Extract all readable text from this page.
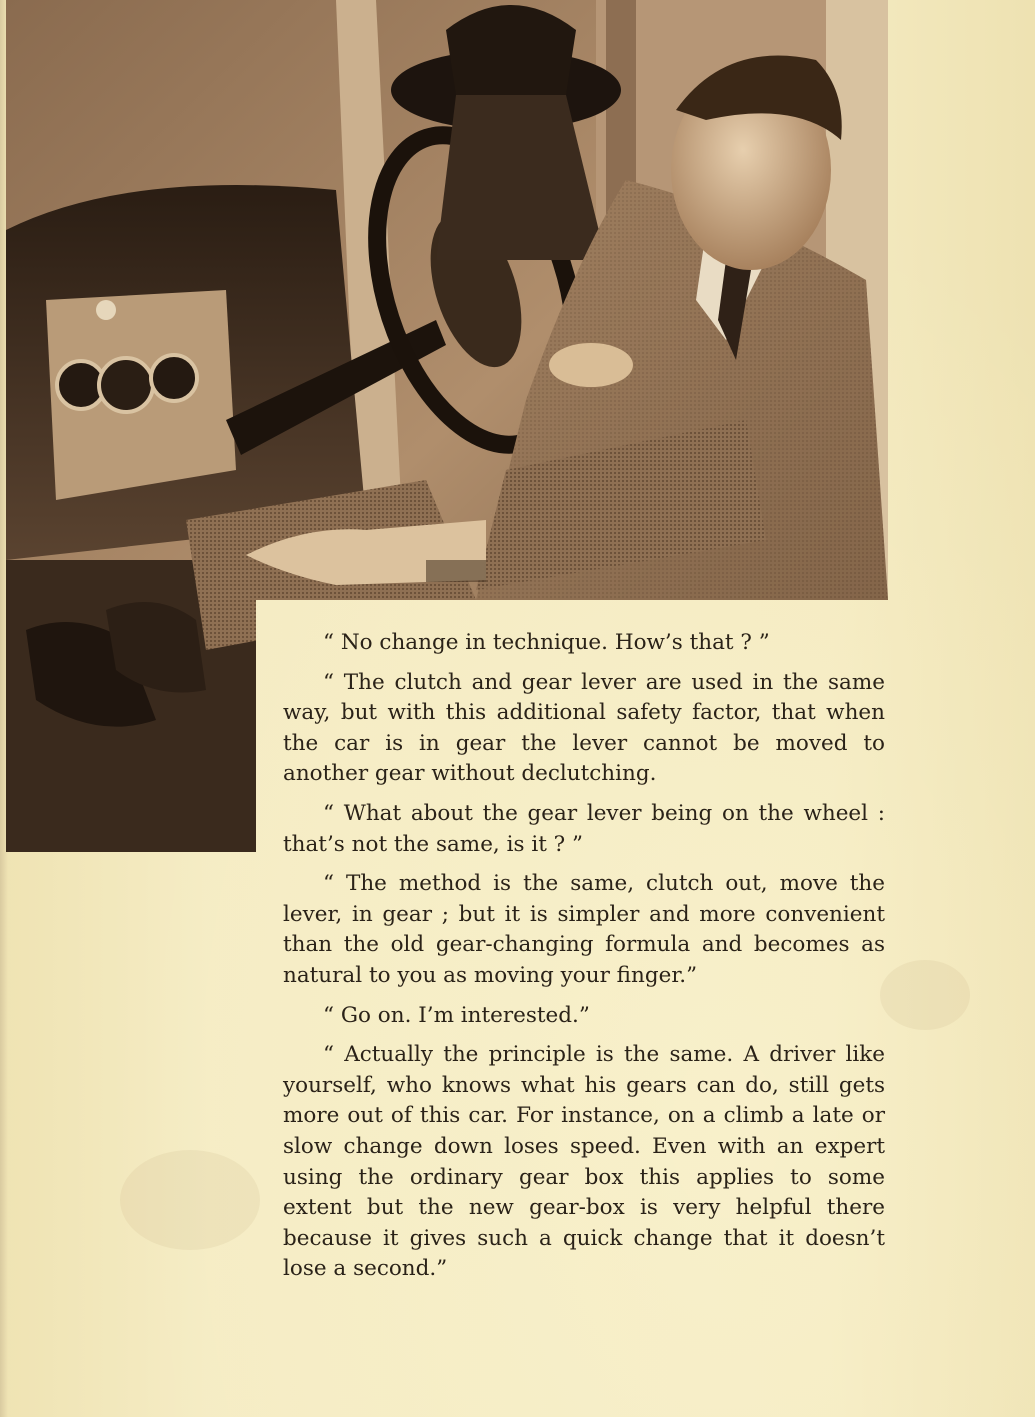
“ No change in technique. How’s that ? ”

“ The clutch and gear lever are used in the same way, but with this additional safety factor, that when the car is in gear the lever cannot be moved to another gear without declutching.

“ What about the gear lever being on the wheel : that’s not the same, is it ? ”

“ The method is the same, clutch out, move the lever, in gear ; but it is simpler and more convenient than the old gear-changing formula and becomes as natural to you as moving your finger.”

“ Go on. I’m interested.”

“ Actually the principle is the same. A driver like yourself, who knows what his gears can do, still gets more out of this car. For instance, on a climb a late or slow change down loses speed. Even with an expert using the ordinary gear box this applies to some extent but the new gear-box is very helpful there because it gives such a quick change that it doesn’t lose a second.”
